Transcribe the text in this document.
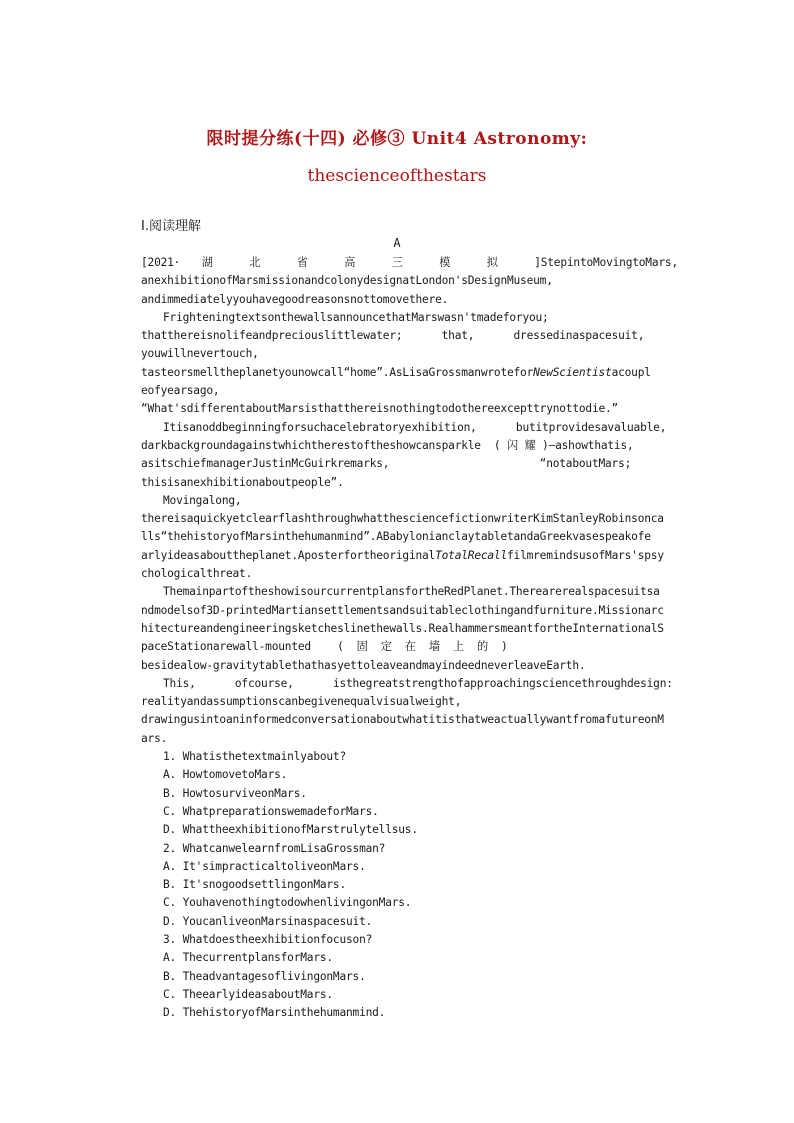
限时提分练(十四) 必修③ Unit4 Astronomy:
thescienceofthestars
Ⅰ.阅读理解
A

[2021· 湖 北 省 高 三 模 拟 ]StepintoMovingtoMars,

anexhibitionofMarsmissionandcolonydesignatLondon'sDesignMuseum,

andimmediatelyyouhavegoodreasonsnottomovethere.

FrighteningtextsonthewallsannouncethatMarswasn'tmadeforyou;

thatthereisnolifeandpreciouslittlewater;      that,      dressedinaspacesuit,

youwillnevertouch,

tasteorsmelltheplanetyounowcall“home”.AsLisaGrossmanwroteforNewScientistacoupl

eofyearsago,

“What'sdifferentaboutMarsisthatthereisnothingtodothereexcepttrynottodie.”

Itisanoddbeginningforsuchacelebratoryexhibition,      butitprovidesavaluable,

darkbackgroundagainstwhichtherestoftheshowcansparkle  ( 闪 耀 )—ashowthatis,

asitschiefmanagerJustinMcGuirkremarks,                       “notaboutMars;

thisisanexhibitionaboutpeople”.

Movingalong,

thereisaquickyetclearflashthroughwhatthesciencefictionwriterKimStanleyRobinsonca

lls“thehistoryofMarsinthehumanmind”.ABabylonianclaytabletandaGreekvasespeakofe

arlyideasabouttheplanet.AposterfortheoriginalTotalRecallfilmremindsusofMars'spsy

chologicalthreat.

ThemainpartoftheshowisourcurrentplansfortheRedPlanet.Therearerealspacesuitsa

ndmodelsof3D-printedMartiansettlementsandsuitableclothingandfurniture.Missionarc

hitectureandengineeringsketcheslinethewalls.RealhammersmeantfortheInternationalS

paceStationarewall-mounted    (  固  定  在  墙  上  的  )

besidealow-gravitytablethathasyettoleaveandmayindeedneverleaveEarth.

This,      ofcourse,      isthegreatstrengthofapproachingsciencethroughdesign:

realityandassumptionscanbegivenequalvisualweight,

drawingusintoaninformedconversationaboutwhatitisthatweactuallywantfromafutureonM

ars.

1. Whatisthetextmainlyabout?

A. HowtomovetoMars.

B. HowtosurviveonMars.

C. WhatpreparationswemadeforMars.

D. WhattheexhibitionofMarstrulytellsus.

2. WhatcanwelearnfromLisaGrossman?

A. It'simpracticaltoliveonMars.

B. It'snogoodsettlingonMars.

C. YouhavenothingtodowhenlivingonMars.

D. YoucanliveonMarsinaspacesuit.

3. Whatdoestheexhibitionfocuson?

A. ThecurrentplansforMars.

B. TheadvantagesoflivingonMars.

C. TheearlyideasaboutMars.

D. ThehistoryofMarsinthehumanmind.
